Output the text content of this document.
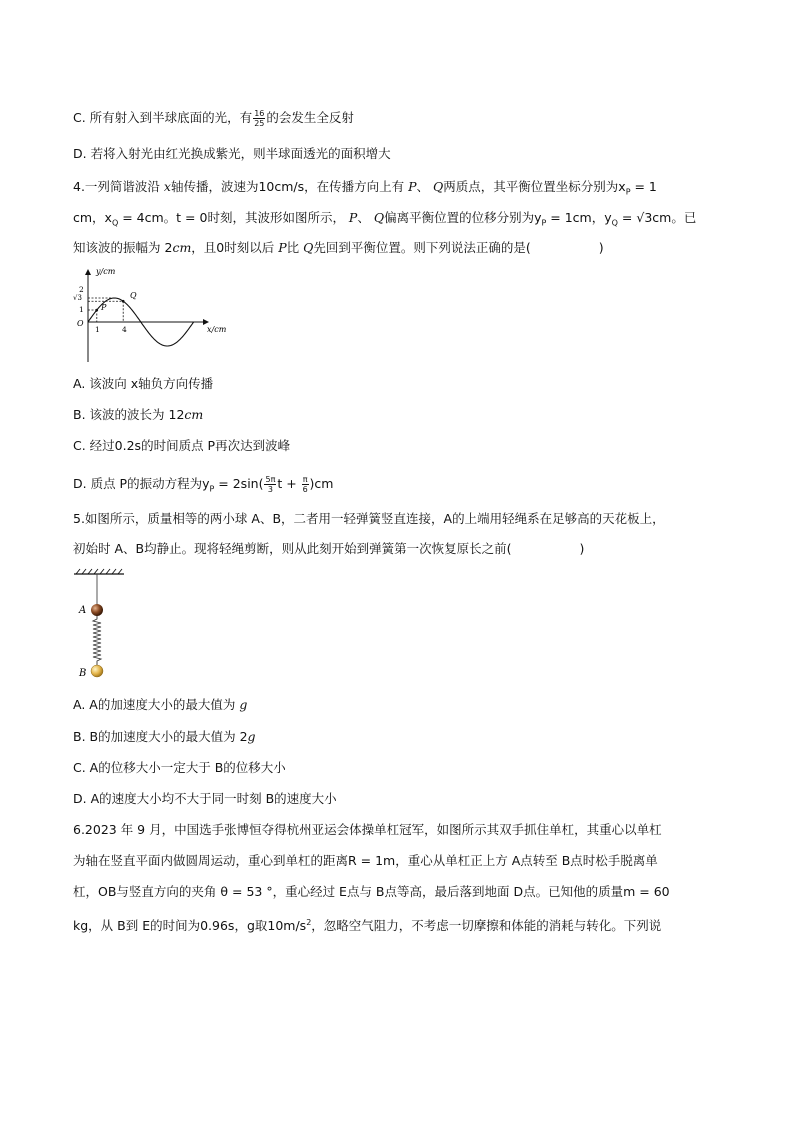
C. 所有射入到半球底面的光，有 $\frac{16}{25}$ 的会发生全反射
D. 若将入射光由红光换成紫光，则半球面透光的面积增大
4.一列简谐波沿 x轴传播，波速为10cm/s，在传播方向上有 P、 Q两质点，其平衡位置坐标分别为$x_P = 1$
cm，$x_Q = 4cm$。t = 0时刻，其波形如图所示， P、 Q偏离平衡位置的位移分别为$y_P = 1cm$，$y_Q = √3cm$。已
知该波的振幅为 2cm，且0时刻以后 P比 Q先回到平衡位置。则下列说法正确的是(	)
y/cm
x/cm
O
2
√3
1
1	4
P
Q
A. 该波向 x轴负方向传播
B. 该波的波长为 12cm
C. 经过0.2s的时间质点 P再次达到波峰
D. 质点 P的振动方程为$y_P = 2\sin( \frac{5\pi}{3}$ $t + \frac{\pi}{6} )cm$
5.如图所示，质量相等的两小球 A、B，二者用一轻弹簧竖直连接，A的上端用轻绳系在足够高的天花板上，
初始时 A、B均静止。现将轻绳剪断，则从此刻开始到弹簧第一次恢复原长之前(	)
A
B
A. A的加速度大小的最大值为 g
B. B的加速度大小的最大值为 2g
C. A的位移大小一定大于 B的位移大小
D. A的速度大小均不大于同一时刻 B的速度大小
6.2023 年 9 月，中国选手张博恒夺得杭州亚运会体操单杠冠军，如图所示其双手抓住单杠，其重心以单杠
为轴在竖直平面内做圆周运动，重心到单杠的距离R = 1m，重心从单杠正上方 A点转至 B点时松手脱离单
杠，OB与竖直方向的夹角 θ = 53 °，重心经过 E点与 B点等高，最后落到地面 D点。已知他的质量m = 60
kg，从 B到 E的时间为0.96s，g取$10m/s^2$，忽略空气阻力，不考虑一切摩擦和体能的消耗与转化。下列说
